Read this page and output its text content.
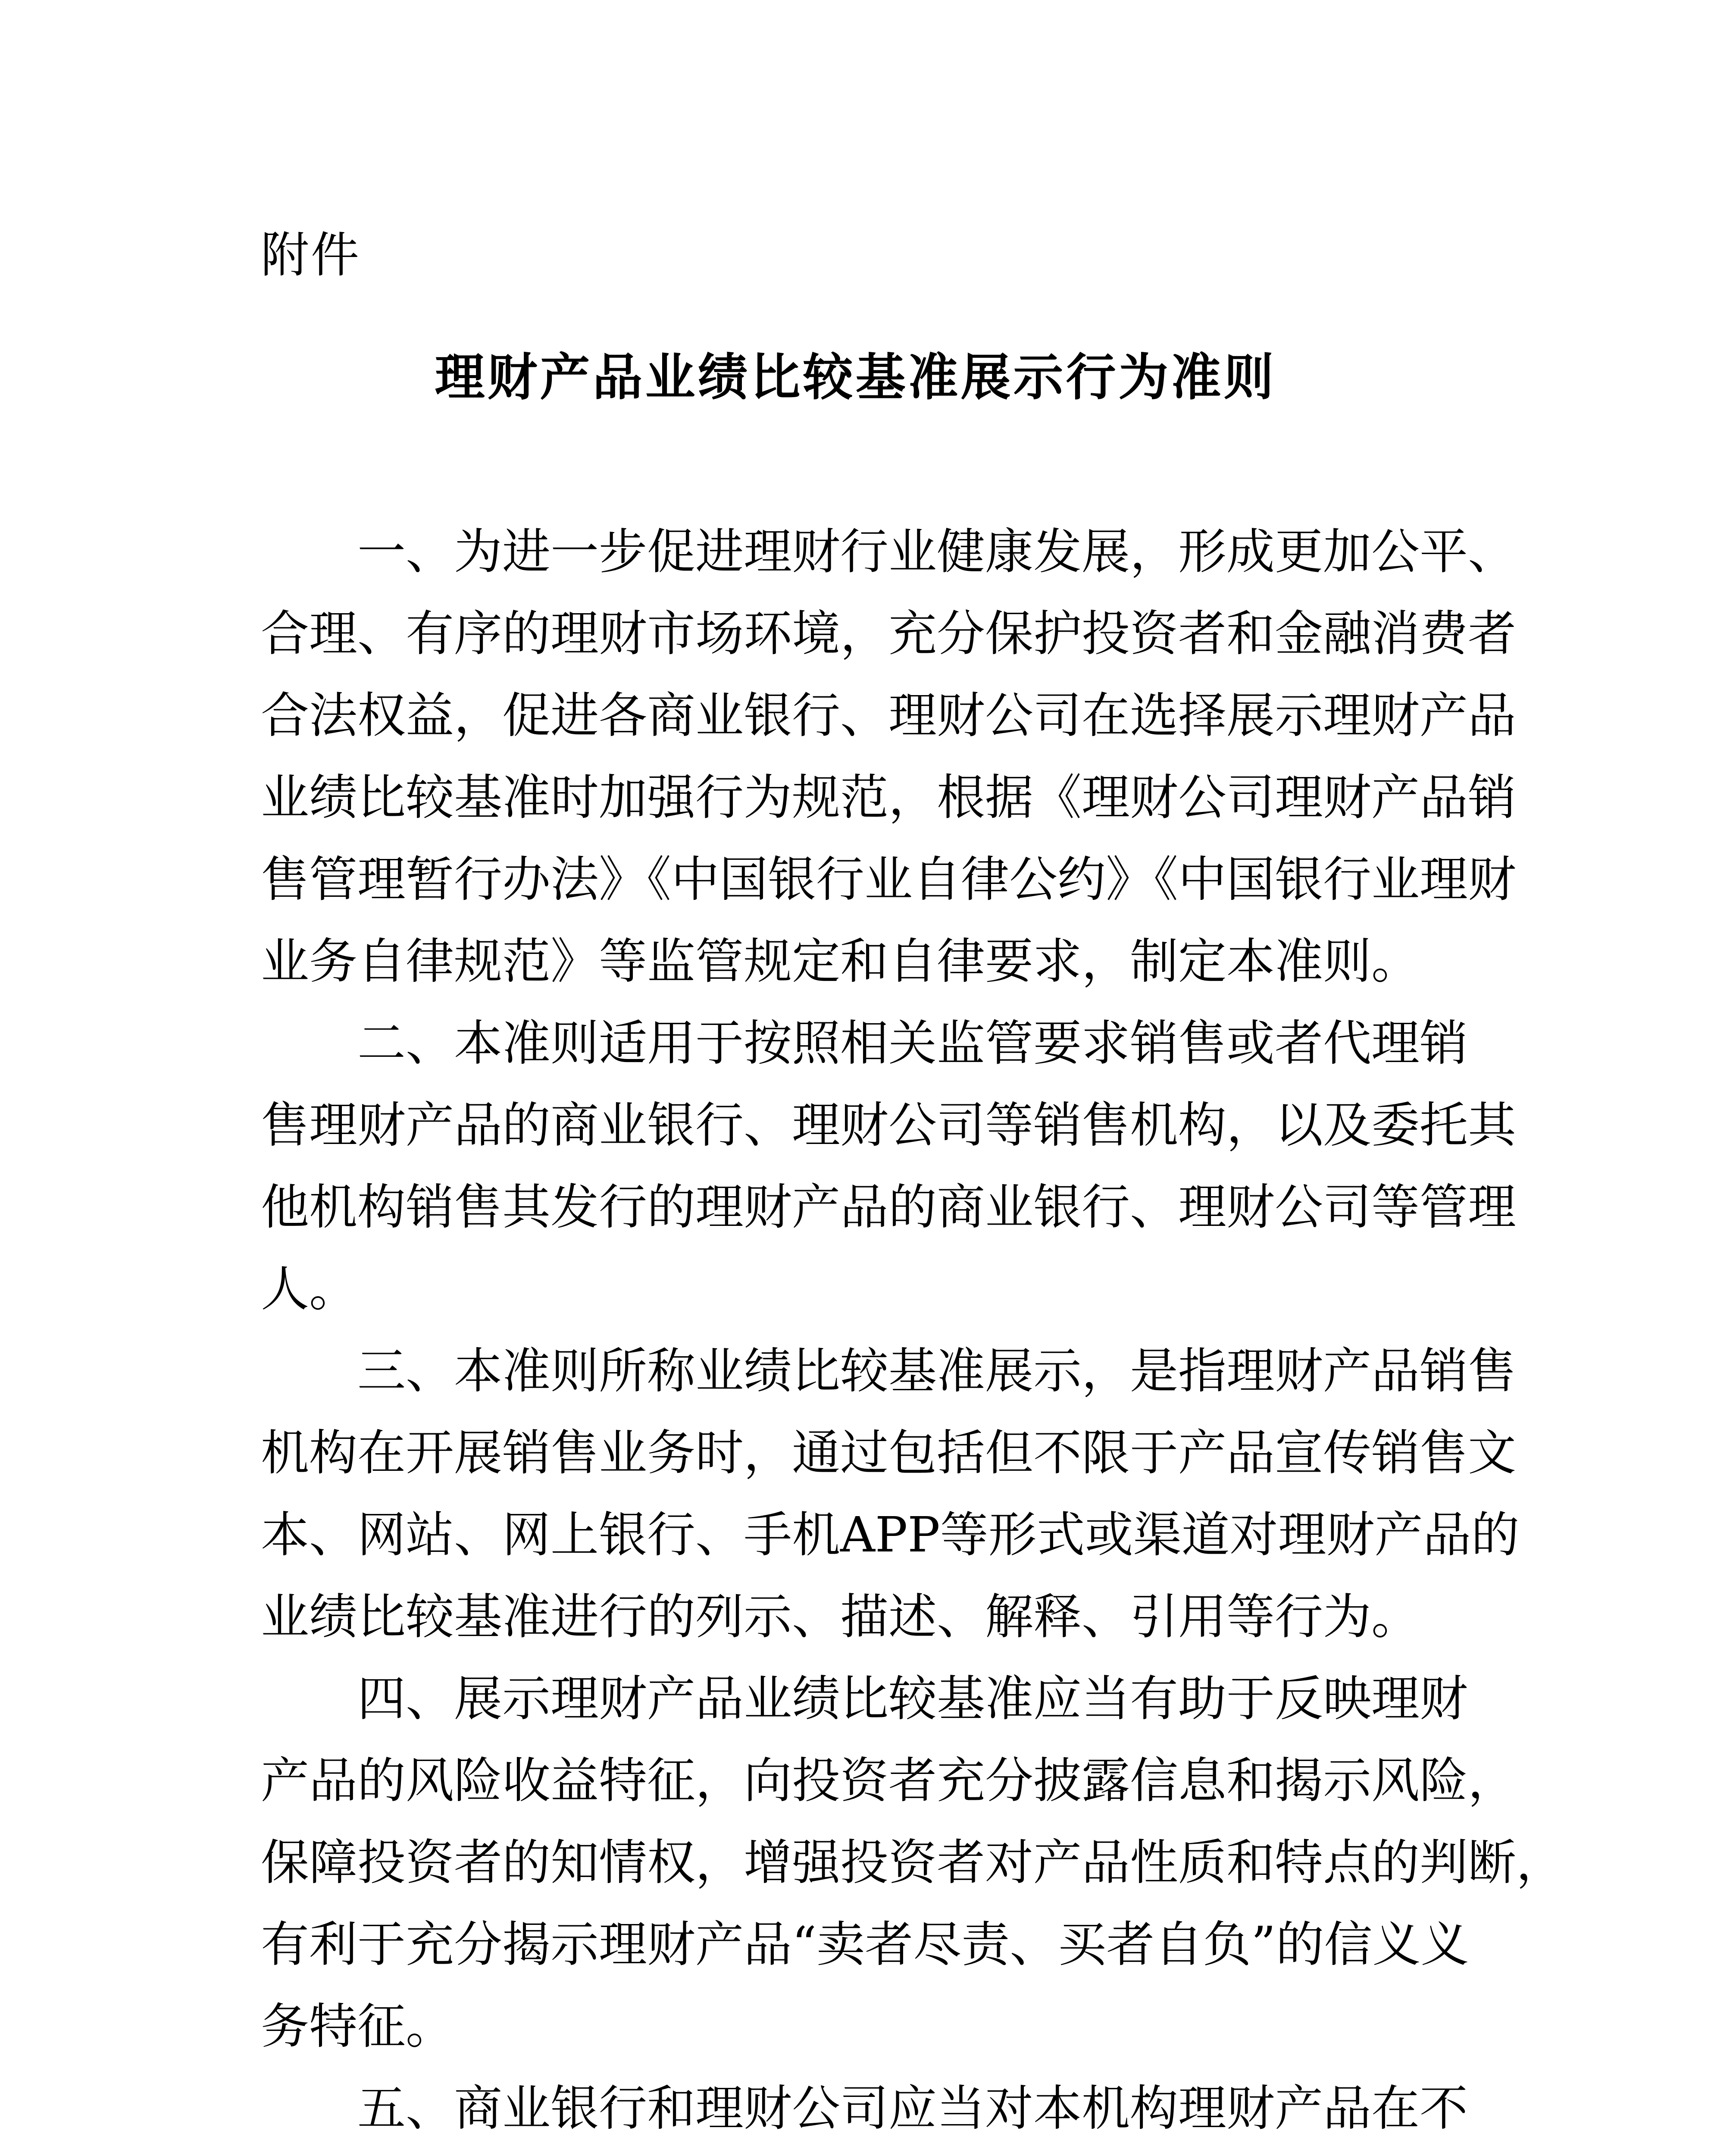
附件
理财产品业绩比较基准展示行为准则
一、为进一步促进理财行业健康发展，形成更加公平、
合理、有序的理财市场环境，充分保护投资者和金融消费者
合法权益，促进各商业银行、理财公司在选择展示理财产品
业绩比较基准时加强行为规范，根据《理财公司理财产品销
售管理暂行办法》《中国银行业自律公约》《中国银行业理财
业务自律规范》等监管规定和自律要求，制定本准则。
二、本准则适用于按照相关监管要求销售或者代理销
售理财产品的商业银行、理财公司等销售机构，以及委托其
他机构销售其发行的理财产品的商业银行、理财公司等管理
人。
三、本准则所称业绩比较基准展示，是指理财产品销售
机构在开展销售业务时，通过包括但不限于产品宣传销售文
本、网站、网上银行、手机APP等形式或渠道对理财产品的
业绩比较基准进行的列示、描述、解释、引用等行为。
四、展示理财产品业绩比较基准应当有助于反映理财
产品的风险收益特征，向投资者充分披露信息和揭示风险，
保障投资者的知情权，增强投资者对产品性质和特点的判断，
有利于充分揭示理财产品“卖者尽责、买者自负”的信义义
务特征。
五、商业银行和理财公司应当对本机构理财产品在不
